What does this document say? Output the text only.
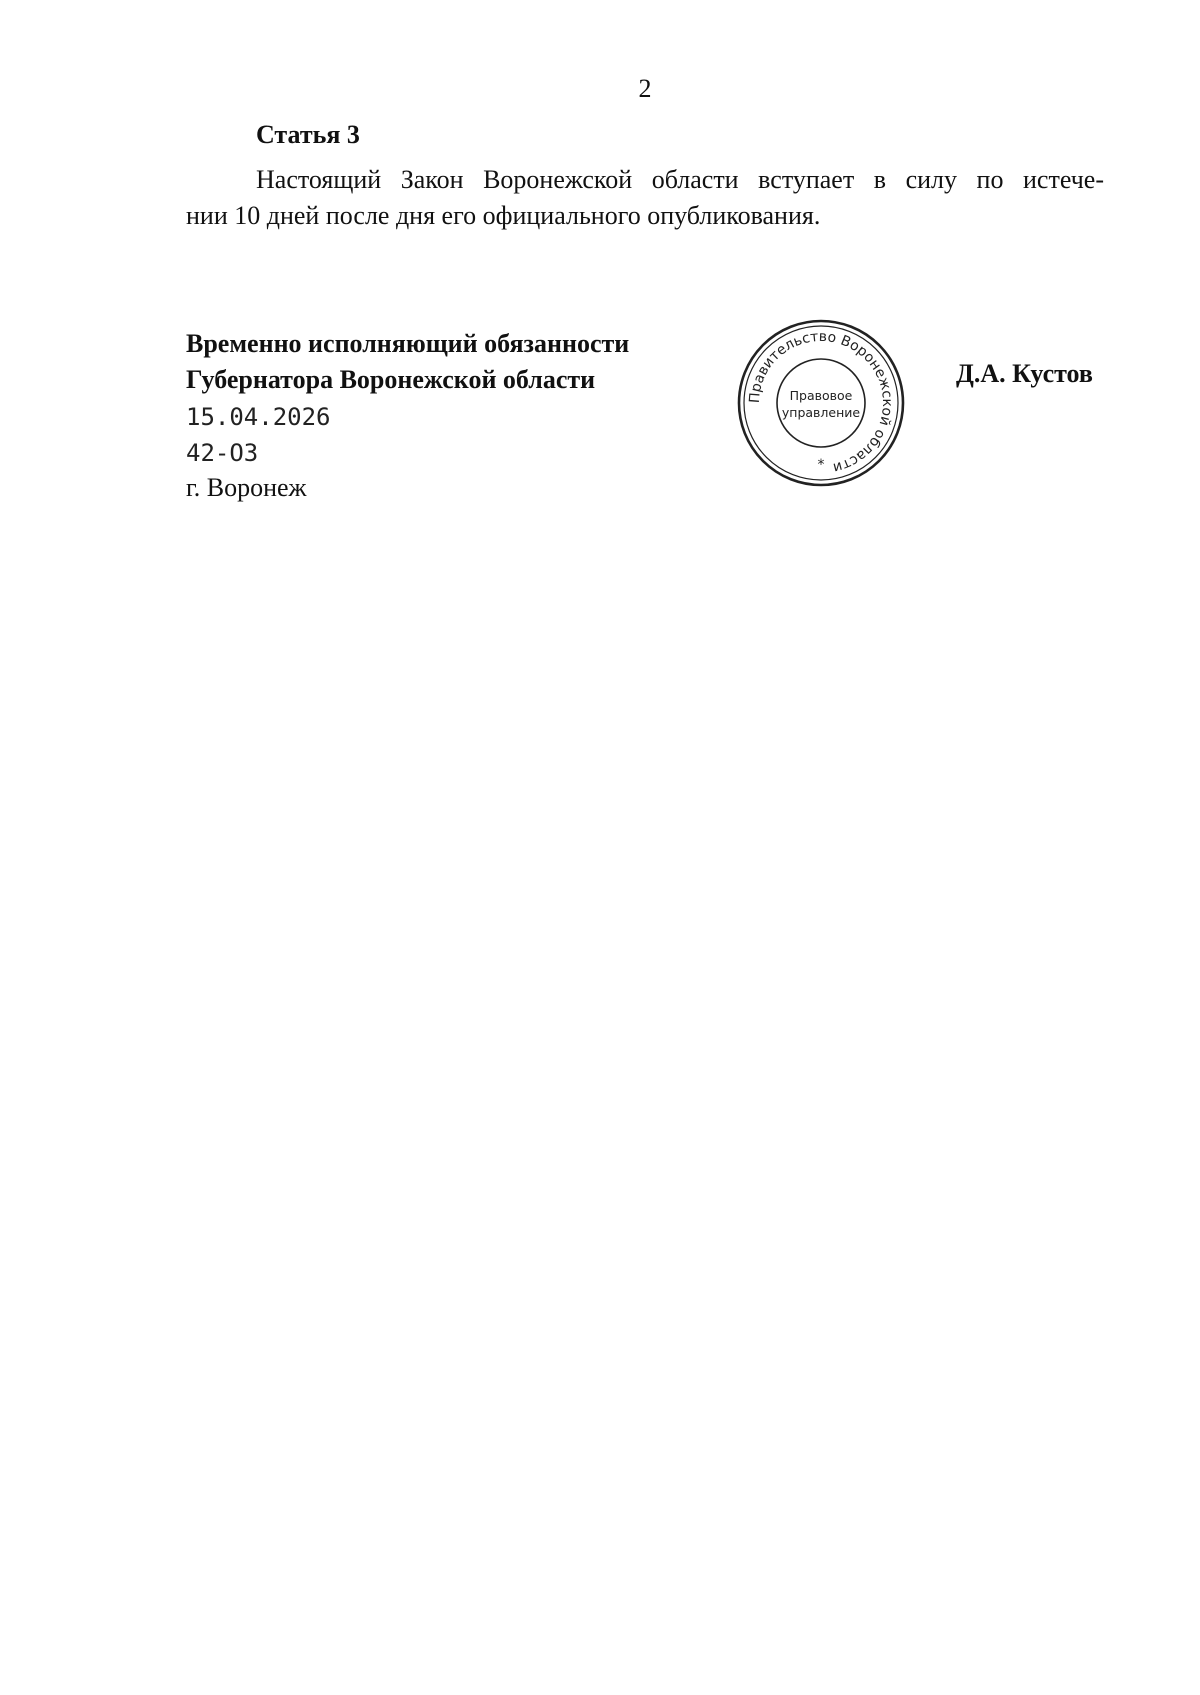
2
Статья 3
Настоящий Закон Воронежской области вступает в силу по истече-
нии 10 дней после дня его официального опубликования.
Временно исполняющий обязанности
Губернатора Воронежской области
15.04.2026
42-ОЗ
г. Воронеж
Правительство Воронежской области
Правовое
управление
*
Д.А. Кустов
